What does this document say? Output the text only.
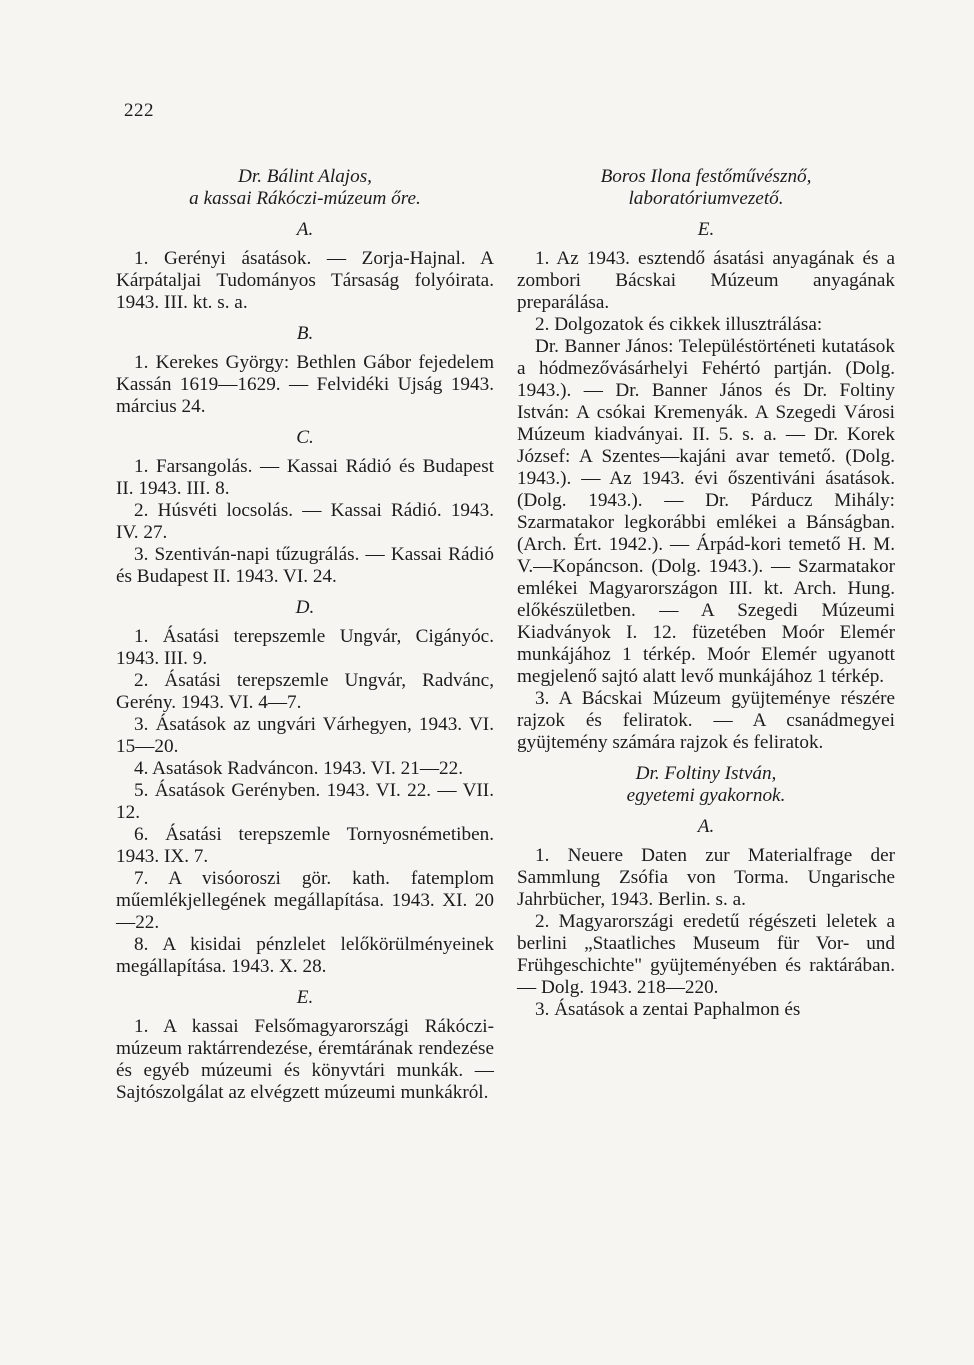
222
Dr. Bálint Alajos,
a kassai Rákóczi-múzeum őre.
A.

1. Gerényi ásatások. — Zorja-Hajnal. A Kárpátaljai Tudományos Társaság folyóirata. 1943. III. kt. s. a.

B.

1. Kerekes György: Bethlen Gábor fejedelem Kassán 1619—1629. — Felvidéki Ujság 1943. március 24.

C.

1. Farsangolás. — Kassai Rádió és Budapest II. 1943. III. 8.

2. Húsvéti locsolás. — Kassai Rádió. 1943. IV. 27.

3. Szentiván-napi tűzugrálás. — Kassai Rádió és Budapest II. 1943. VI. 24.

D.

1. Ásatási terepszemle Ungvár, Cigányóc. 1943. III. 9.

2. Ásatási terepszemle Ungvár, Radvánc, Gerény. 1943. VI. 4—7.

3. Ásatások az ungvári Várhegyen, 1943. VI. 15—20.

4. Asatások Radváncon. 1943. VI. 21—22.

5. Ásatások Gerényben. 1943. VI. 22. — VII. 12.

6. Ásatási terepszemle Tornyosnémetiben. 1943. IX. 7.

7. A visóoroszi gör. kath. fatemplom műemlékjellegének megállapítása. 1943. XI. 20—22.

8. A kisidai pénzlelet lelőkörülményeinek megállapítása. 1943. X. 28.

E.

1. A kassai Felsőmagyarországi Rákóczi-múzeum raktárrendezése, éremtárának rendezése és egyéb múzeumi és könyvtári munkák. — Sajtószolgálat az elvégzett múzeumi munkákról.

Boros Ilona festőművésznő,
laboratóriumvezető.
E.

1. Az 1943. esztendő ásatási anyagának és a zombori Bácskai Múzeum anyagának preparálása.

2. Dolgozatok és cikkek illusztrálása:

Dr. Banner János: Településtörténeti kutatások a hódmezővásárhelyi Fehértó partján. (Dolg. 1943.). — Dr. Banner János és Dr. Foltiny István: A csókai Kremenyák. A Szegedi Városi Múzeum kiadványai. II. 5. s. a. — Dr. Korek József: A Szentes—kajáni avar temető. (Dolg. 1943.). — Az 1943. évi őszentiváni ásatások. (Dolg. 1943.). — Dr. Párducz Mihály: Szarmatakor legkorábbi emlékei a Bánságban. (Arch. Ért. 1942.). — Árpád-kori temető H. M. V.—Kopáncson. (Dolg. 1943.). — Szarmatakor emlékei Magyarországon III. kt. Arch. Hung. előkészületben. — A Szegedi Múzeumi Kiadványok I. 12. füzetében Moór Elemér munkájához 1 térkép. Moór Elemér ugyanott megjelenő sajtó alatt levő munkájához 1 térkép.

3. A Bácskai Múzeum gyüjteménye részére rajzok és feliratok. — A csanádmegyei gyüjtemény számára rajzok és feliratok.

Dr. Foltiny István,
egyetemi gyakornok.
A.

1. Neuere Daten zur Materialfrage der Sammlung Zsófia von Torma. Ungarische Jahrbücher, 1943. Berlin. s. a.

2. Magyarországi eredetű régészeti leletek a berlini „Staatliches Museum für Vor- und Frühgeschichte" gyüjteményében és raktárában. — Dolg. 1943. 218—220.

3. Ásatások a zentai Paphalmon és
